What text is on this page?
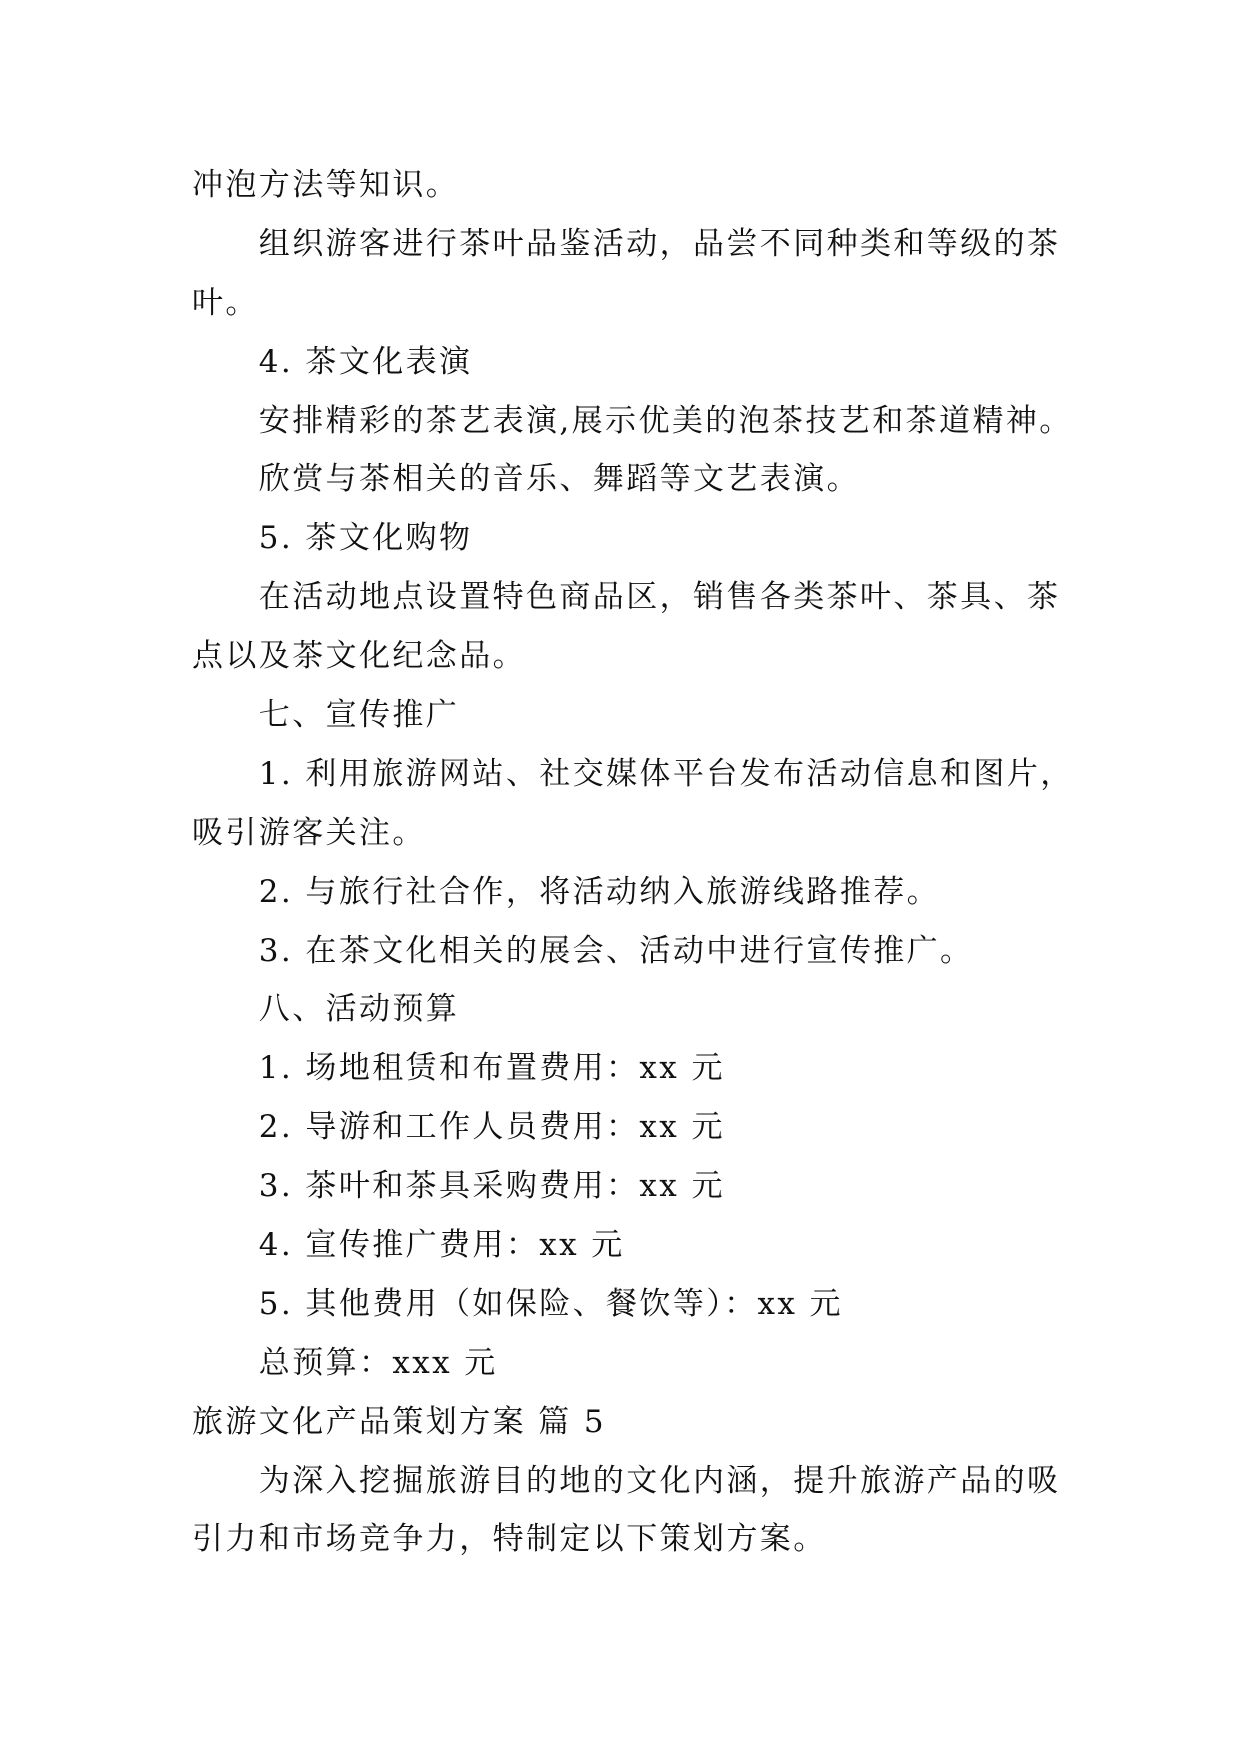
冲泡方法等知识。
组织游客进行茶叶品鉴活动，品尝不同种类和等级的茶
叶。
4. 茶文化表演
安排精彩的茶艺表演,展示优美的泡茶技艺和茶道精神。
欣赏与茶相关的音乐、舞蹈等文艺表演。
5. 茶文化购物
在活动地点设置特色商品区，销售各类茶叶、茶具、茶
点以及茶文化纪念品。
七、宣传推广
1. 利用旅游网站、社交媒体平台发布活动信息和图片，
吸引游客关注。
2. 与旅行社合作，将活动纳入旅游线路推荐。
3. 在茶文化相关的展会、活动中进行宣传推广。
八、活动预算
1. 场地租赁和布置费用：xx 元
2. 导游和工作人员费用：xx 元
3. 茶叶和茶具采购费用：xx 元
4. 宣传推广费用：xx 元
5. 其他费用（如保险、餐饮等）：xx 元
总预算：xxx 元
旅游文化产品策划方案 篇 5
为深入挖掘旅游目的地的文化内涵，提升旅游产品的吸
引力和市场竞争力，特制定以下策划方案。
